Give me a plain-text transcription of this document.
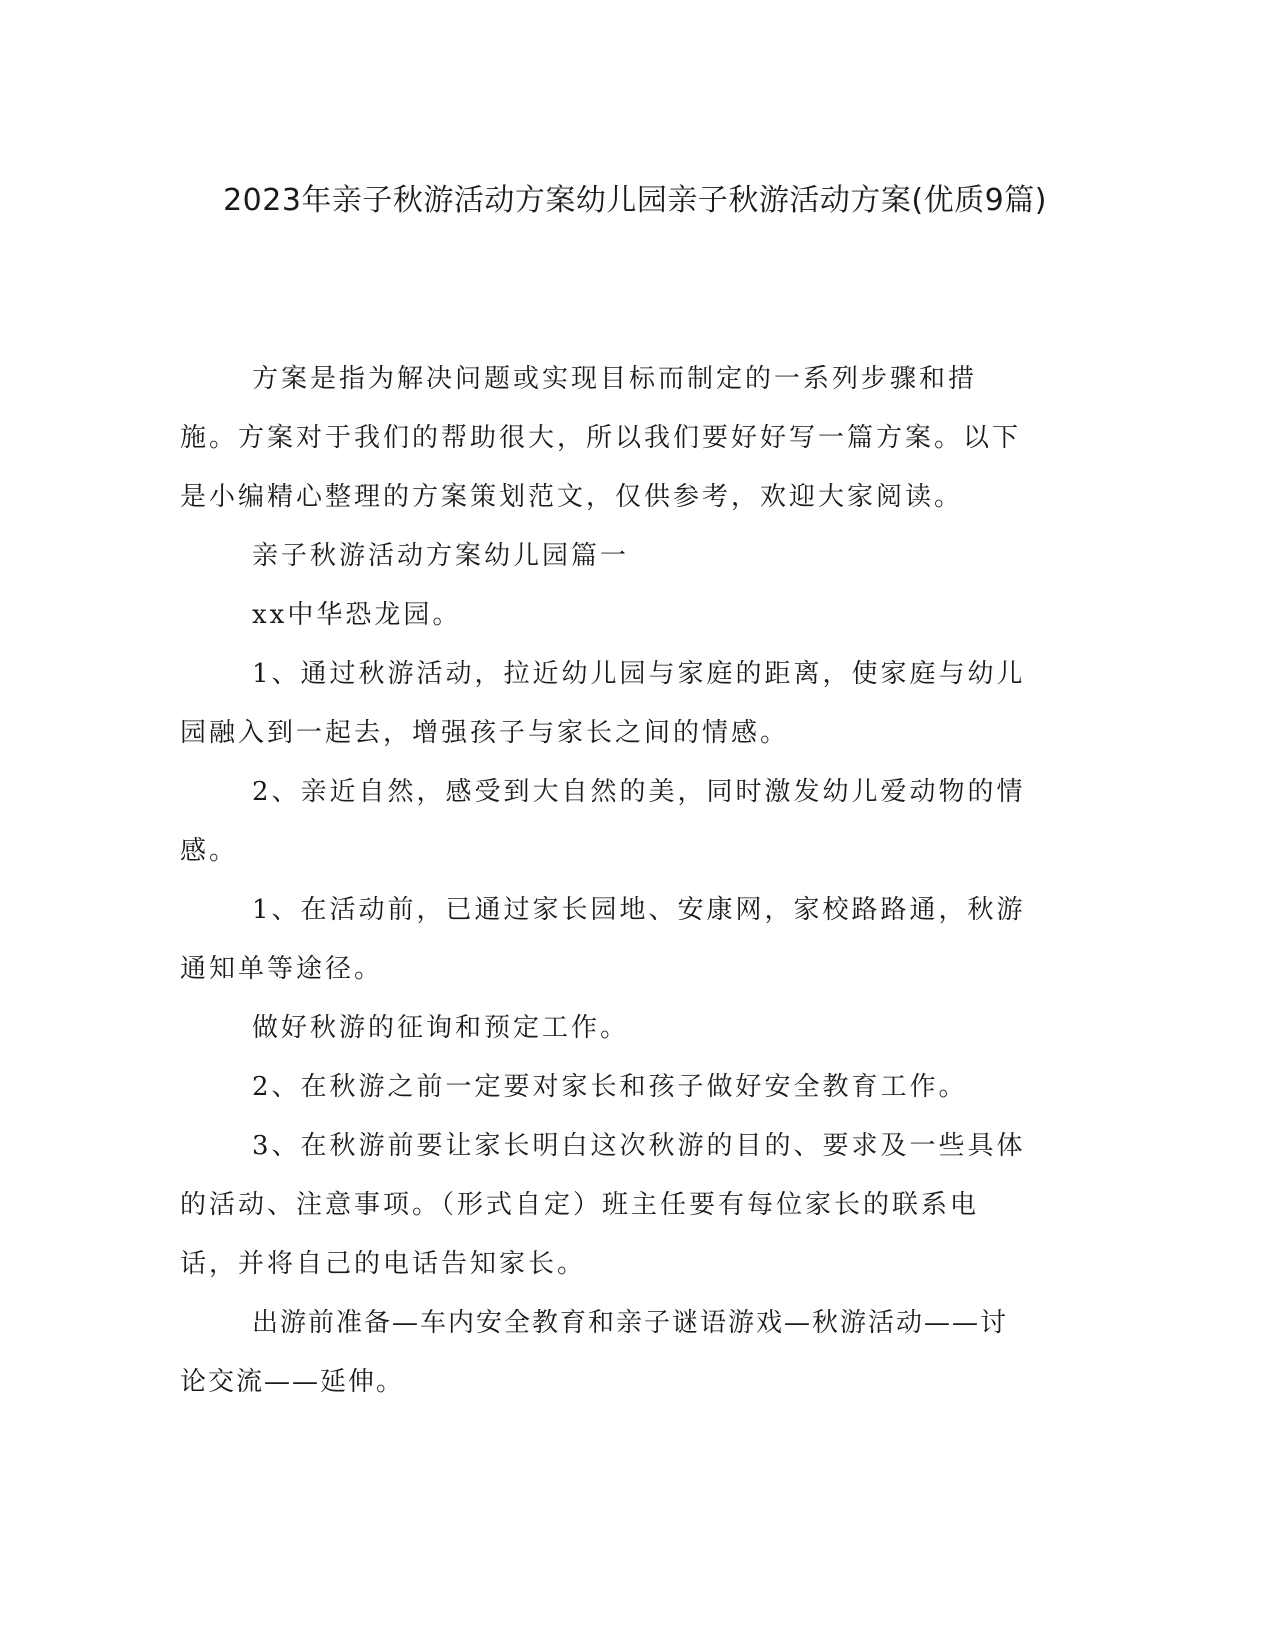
2023年亲子秋游活动方案幼儿园亲子秋游活动方案(优质9篇)

方案是指为解决问题或实现目标而制定的一系列步骤和措施。方案对于我们的帮助很大，所以我们要好好写一篇方案。以下是小编精心整理的方案策划范文，仅供参考，欢迎大家阅读。

亲子秋游活动方案幼儿园篇一

xx中华恐龙园。

1、通过秋游活动，拉近幼儿园与家庭的距离，使家庭与幼儿园融入到一起去，增强孩子与家长之间的情感。

2、亲近自然，感受到大自然的美，同时激发幼儿爱动物的情感。

1、在活动前，已通过家长园地、安康网，家校路路通，秋游通知单等途径。

做好秋游的征询和预定工作。

2、在秋游之前一定要对家长和孩子做好安全教育工作。

3、在秋游前要让家长明白这次秋游的目的、要求及一些具体的活动、注意事项。（形式自定）班主任要有每位家长的联系电话，并将自己的电话告知家长。

出游前准备—车内安全教育和亲子谜语游戏—秋游活动——讨论交流——延伸。
